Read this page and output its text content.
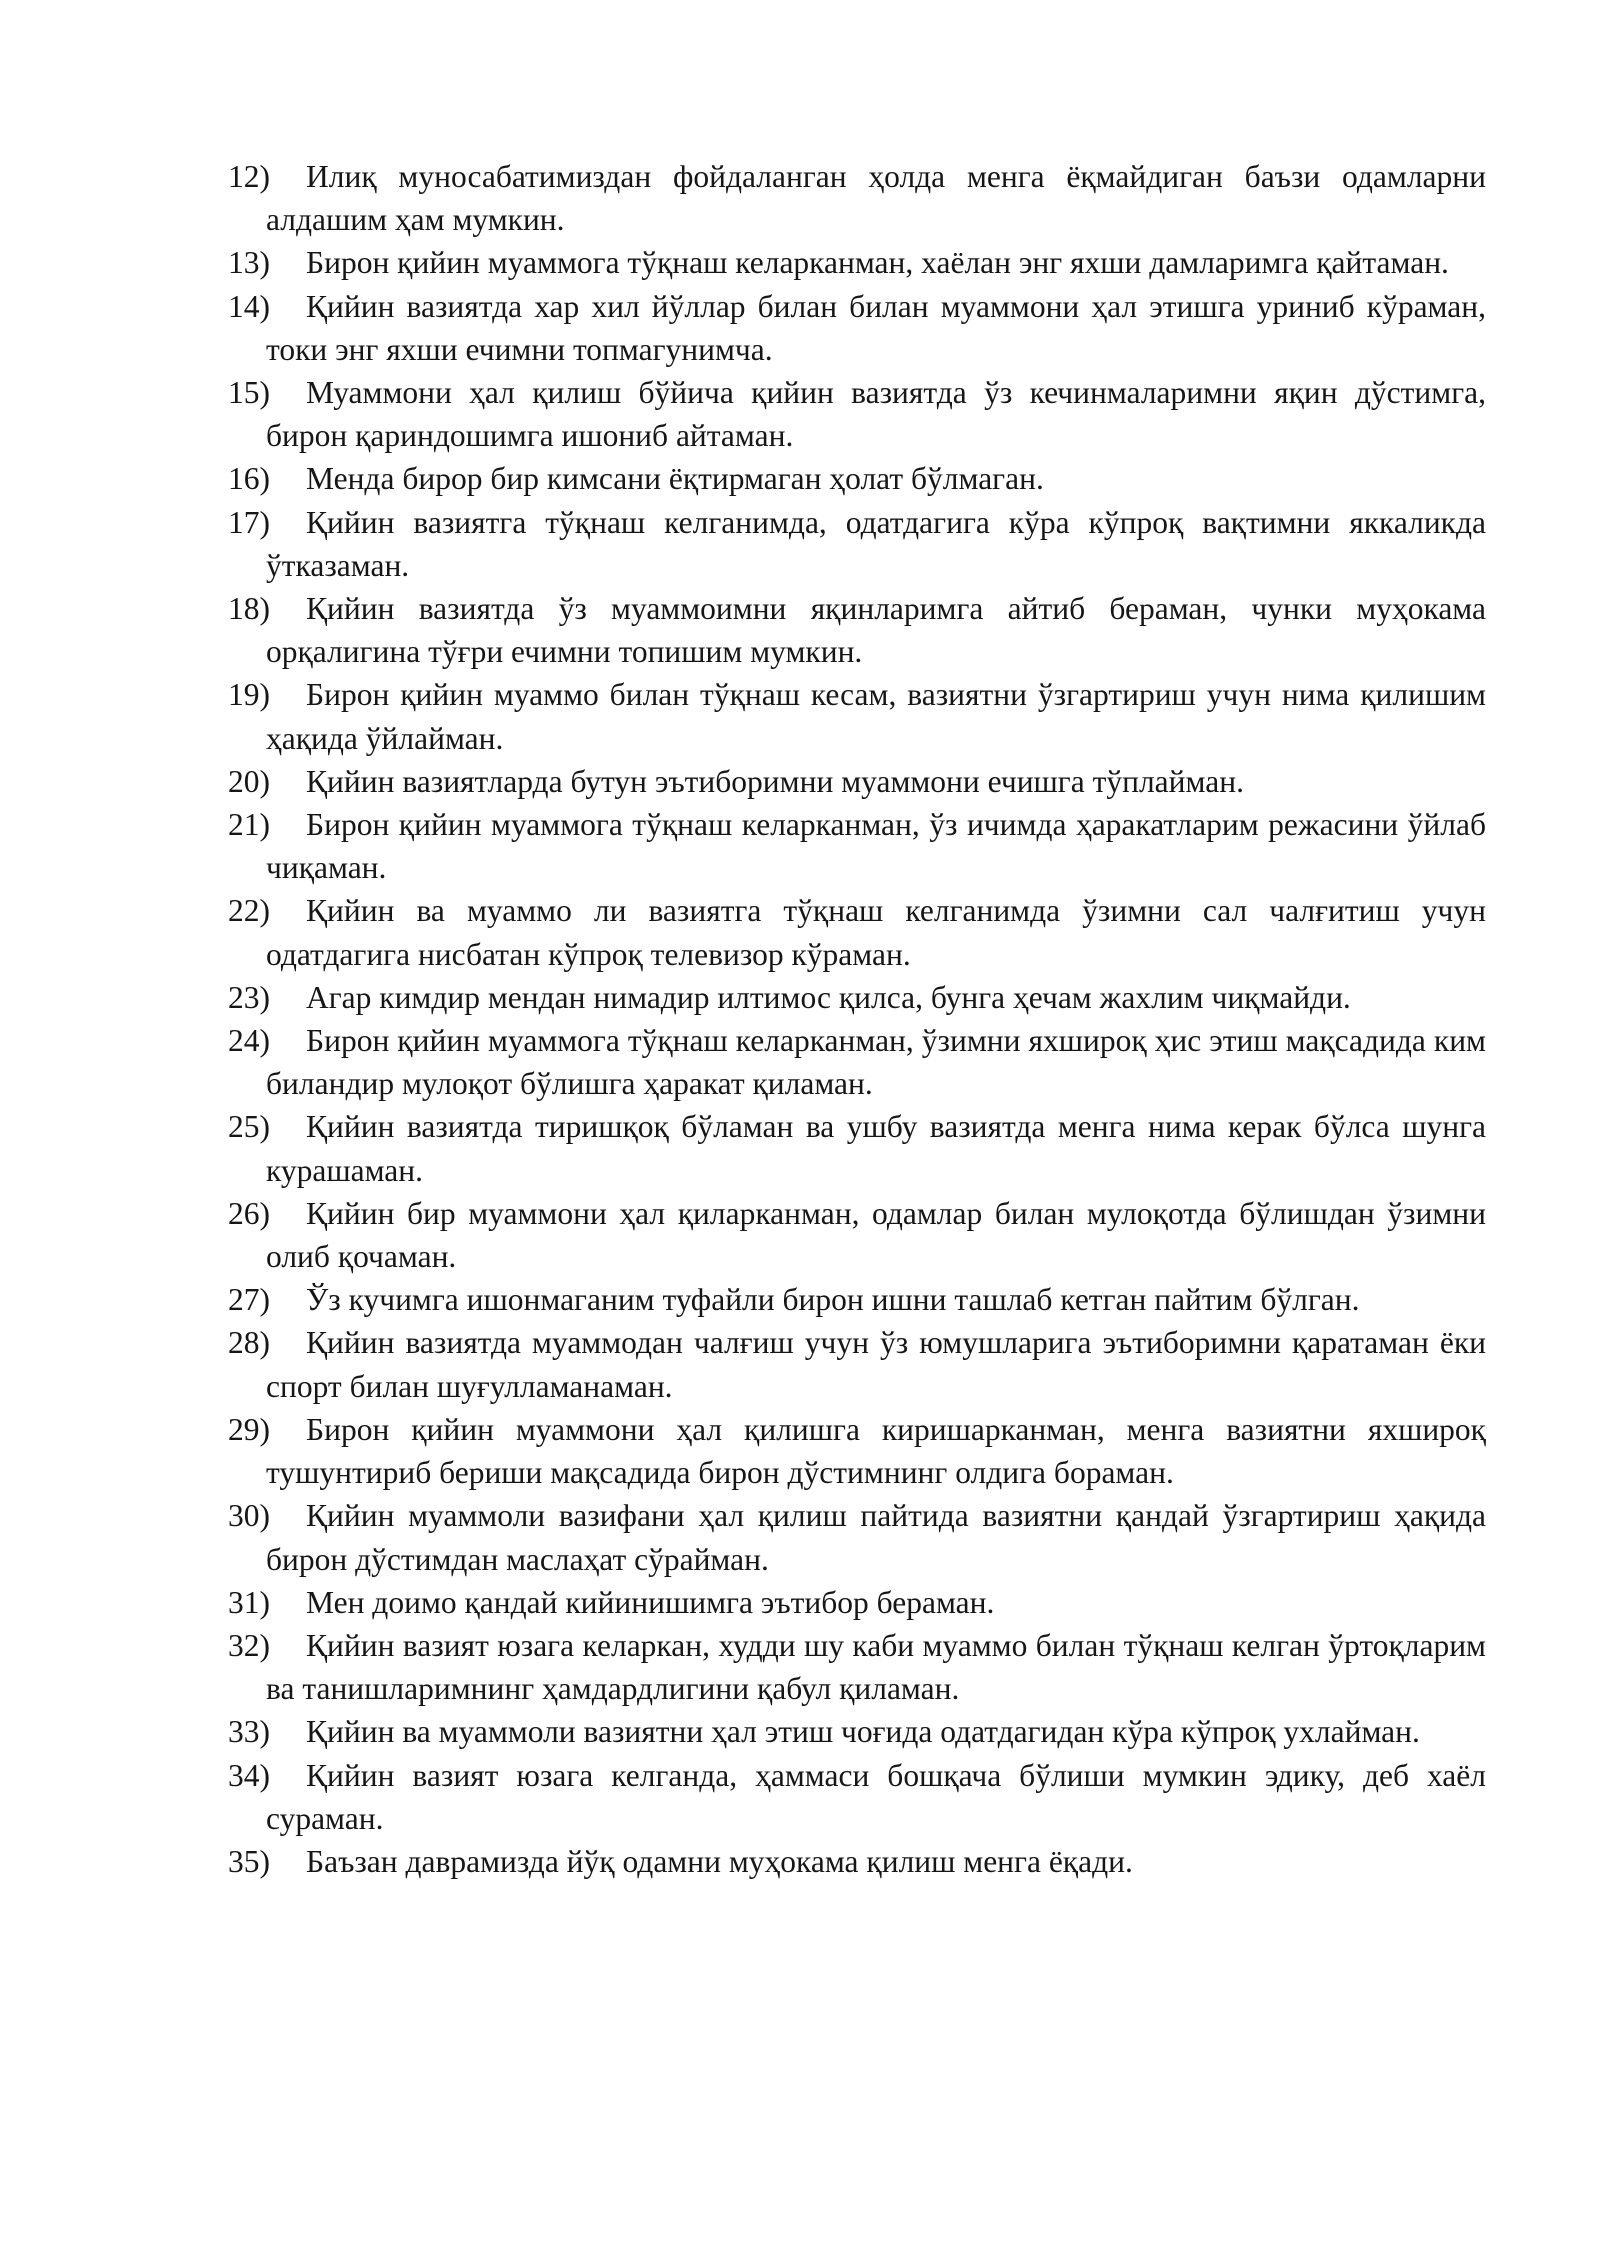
12) Илиқ муносабатимиздан фойдаланган ҳолда менга ёқмайдиган баъзи одамларни алдашим ҳам мумкин.
13) Бирон қийин муаммога тўқнаш келарканман, хаёлан энг яхши дамларимга қайтаман.
14) Қийин вазиятда хар хил йўллар билан билан муаммони ҳал этишга уриниб кўраман, токи энг яхши ечимни топмагунимча.
15) Муаммони ҳал қилиш бўйича қийин вазиятда ўз кечинмаларимни яқин дўстимга, бирон қариндошимга ишониб айтаман.
16) Менда бирор бир кимсани ёқтирмаган ҳолат бўлмаган.
17) Қийин вазиятга тўқнаш келганимда, одатдагига кўра кўпроқ вақтимни яккаликда ўтказаман.
18) Қийин вазиятда ўз муаммоимни яқинларимга айтиб бераман, чунки муҳокама орқалигина тўғри ечимни топишим мумкин.
19) Бирон қийин муаммо билан тўқнаш кесам, вазиятни ўзгартириш учун нима қилишим ҳақида ўйлайман.
20) Қийин вазиятларда бутун эътиборимни муаммони ечишга тўплайман.
21) Бирон қийин муаммога тўқнаш келарканман, ўз ичимда ҳаракатларим режасини ўйлаб чиқаман.
22) Қийин ва муаммо ли вазиятга тўқнаш келганимда ўзимни сал чалғитиш учун одатдагига нисбатан кўпроқ телевизор кўраман.
23) Агар кимдир мендан нимадир илтимос қилса, бунга ҳечам жахлим чиқмайди.
24) Бирон қийин муаммога тўқнаш келарканман, ўзимни яхшироқ ҳис этиш мақсадида ким биландир мулоқот бўлишга ҳаракат қиламан.
25) Қийин вазиятда тиришқоқ бўламан ва ушбу вазиятда менга нима керак бўлса шунга курашаман.
26) Қийин бир муаммони ҳал қиларканман, одамлар билан мулоқотда бўлишдан ўзимни олиб қочаман.
27) Ўз кучимга ишонмаганим туфайли бирон ишни ташлаб кетган пайтим бўлган.
28) Қийин вазиятда муаммодан чалғиш учун ўз юмушларига эътиборимни қаратаман ёки спорт билан шуғулламанаман.
29) Бирон қийин муаммони ҳал қилишга киришарканман, менга вазиятни яхшироқ тушунтириб бериши мақсадида бирон дўстимнинг олдига бораман.
30) Қийин муаммоли вазифани ҳал қилиш пайтида вазиятни қандай ўзгартириш ҳақида бирон дўстимдан маслаҳат сўрайман.
31) Мен доимо қандай кийинишимга эътибор бераман.
32) Қийин вазият юзага келаркан, худди шу каби муаммо билан тўқнаш келган ўртоқларим ва танишларимнинг ҳамдардлигини қабул қиламан.
33) Қийин ва муаммоли вазиятни ҳал этиш чоғида одатдагидан кўра кўпроқ ухлайман.
34) Қийин вазият юзага келганда, ҳаммаси бошқача бўлиши мумкин эдику, деб хаёл сураман.
35) Баъзан даврамизда йўқ одамни муҳокама қилиш менга ёқади.
